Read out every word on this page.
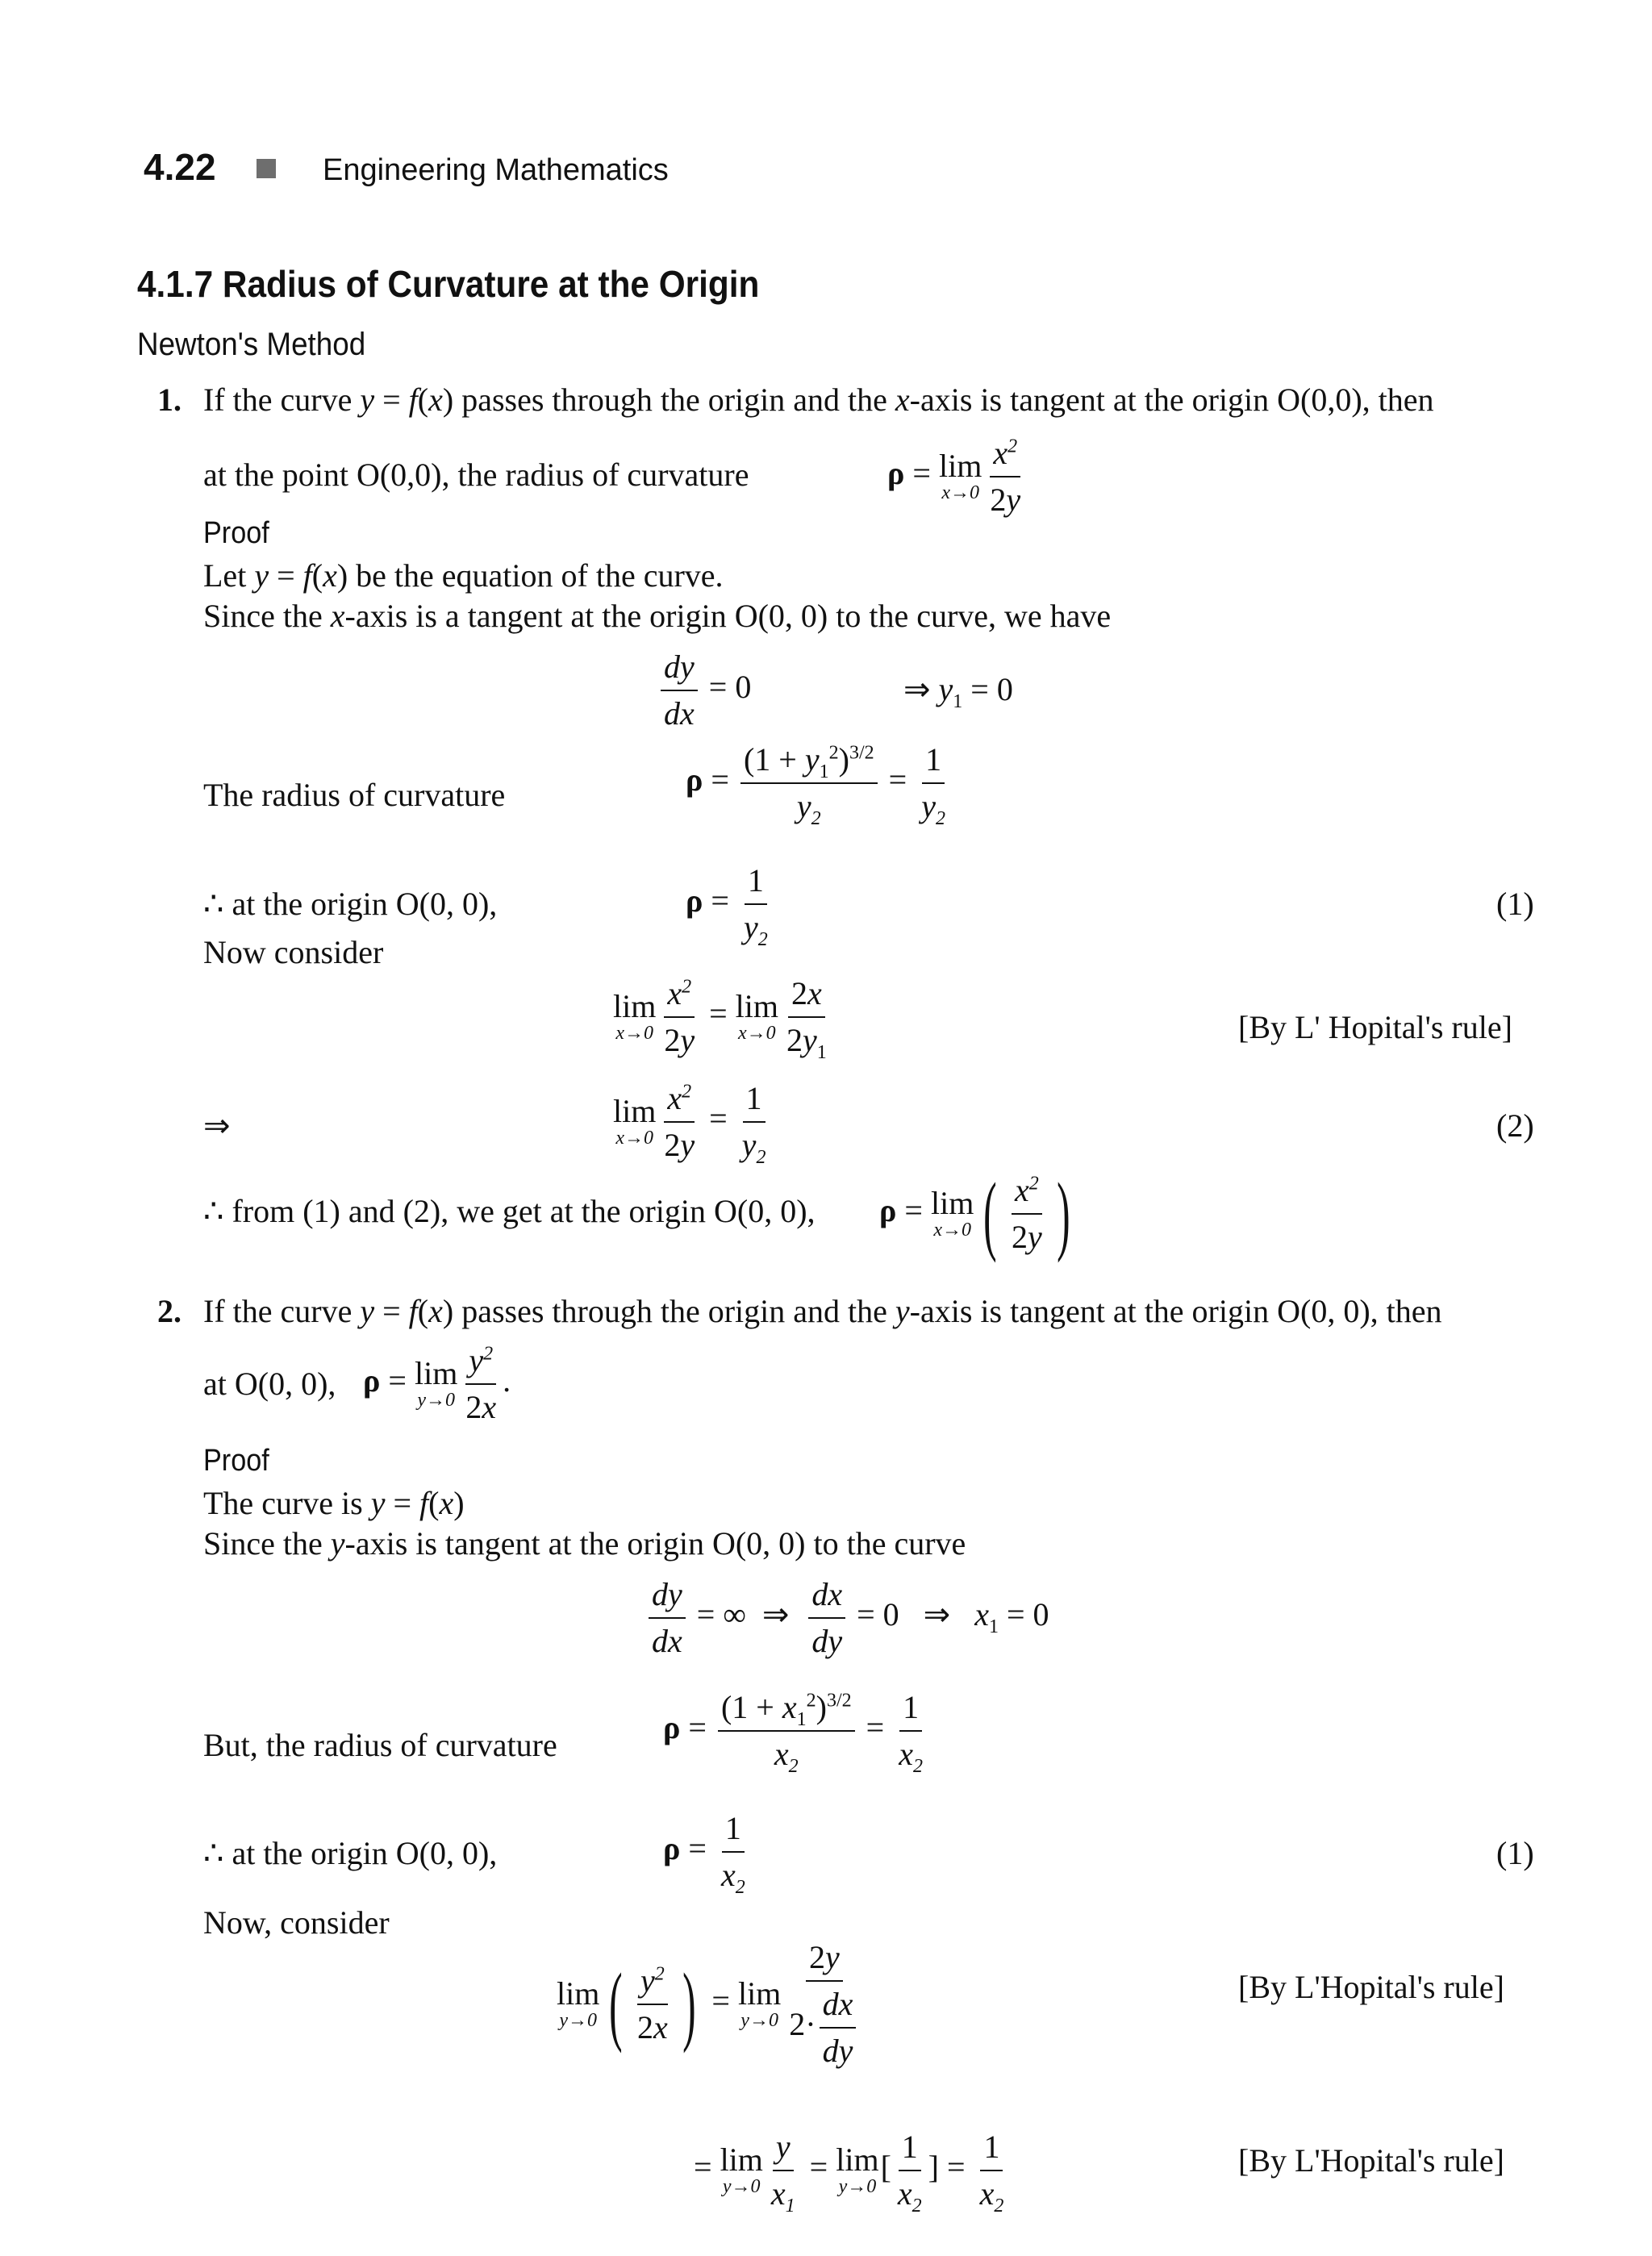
4.22	Engineering Mathematics
4.1.7 Radius of Curvature at the Origin
Newton's Method
1. If the curve y = f(x) passes through the origin and the x-axis is tangent at the origin O(0,0), then
at the point O(0,0), the radius of curvature	ρ = lim
$x\to 0 \frac{x^2}{2y}$
Proof
Let y = f(x) be the equation of the curve.
Since the x-axis is a tangent at the origin O(0, 0) to the curve, we have
$\frac{dy}{dx} = 0$	⇒ $y_1 = 0$
The radius of curvature	$\rho = \frac{(1 + y_1^2)^{3/2}}{y_2} = \frac{1}{y_2}$
∴ at the origin O(0, 0),	$\rho = \frac{1}{y_2}$	(1)
Now consider
lim
$x\to 0 \frac{x^2}{2y} = \lim$
$x\to 0 \frac{2x}{2y_1}$	[By L' Hopital's rule]
⇒	lim
$x\to 0 \frac{x^2}{2y} = \frac{1}{y_2}$	(2)
∴ from (1) and (2), we get at the origin O(0, 0), ρ = lim
x→0 ( $\frac{x^2}{2y}$ )
2. If the curve y = f(x) passes through the origin and the y-axis is tangent at the origin O(0, 0), then
at O(0, 0), ρ = lim
$y\to 0 \frac{y^2}{2x}$ .
Proof
The curve is y = f(x)
Since the y-axis is tangent at the origin O(0, 0) to the curve
$\frac{dy}{dx}$ = ∞  ⇒ $\frac{dx}{dy} = 0$   ⇒   $x_1 = 0$
But, the radius of curvature	$\rho = \frac{(1 + x_1^2)^{3/2}}{x_2} = \frac{1}{x_2}$
∴ at the origin O(0, 0),	$\rho = \frac{1}{x_2}$	(1)
Now, consider
lim
y→0 ( $\frac{y^2}{2x}$ ) = lim
$y\to 0 \frac{2y}{2\cdot \frac{dx}{dy}}$	[By L'Hopital's rule]
= lim
$y\to 0 \frac{y}{x_1} = \lim$
y→0
[ $\frac{1}{x_2}$ ] = $\frac{1}{x_2}$	[By L'Hopital's rule]
